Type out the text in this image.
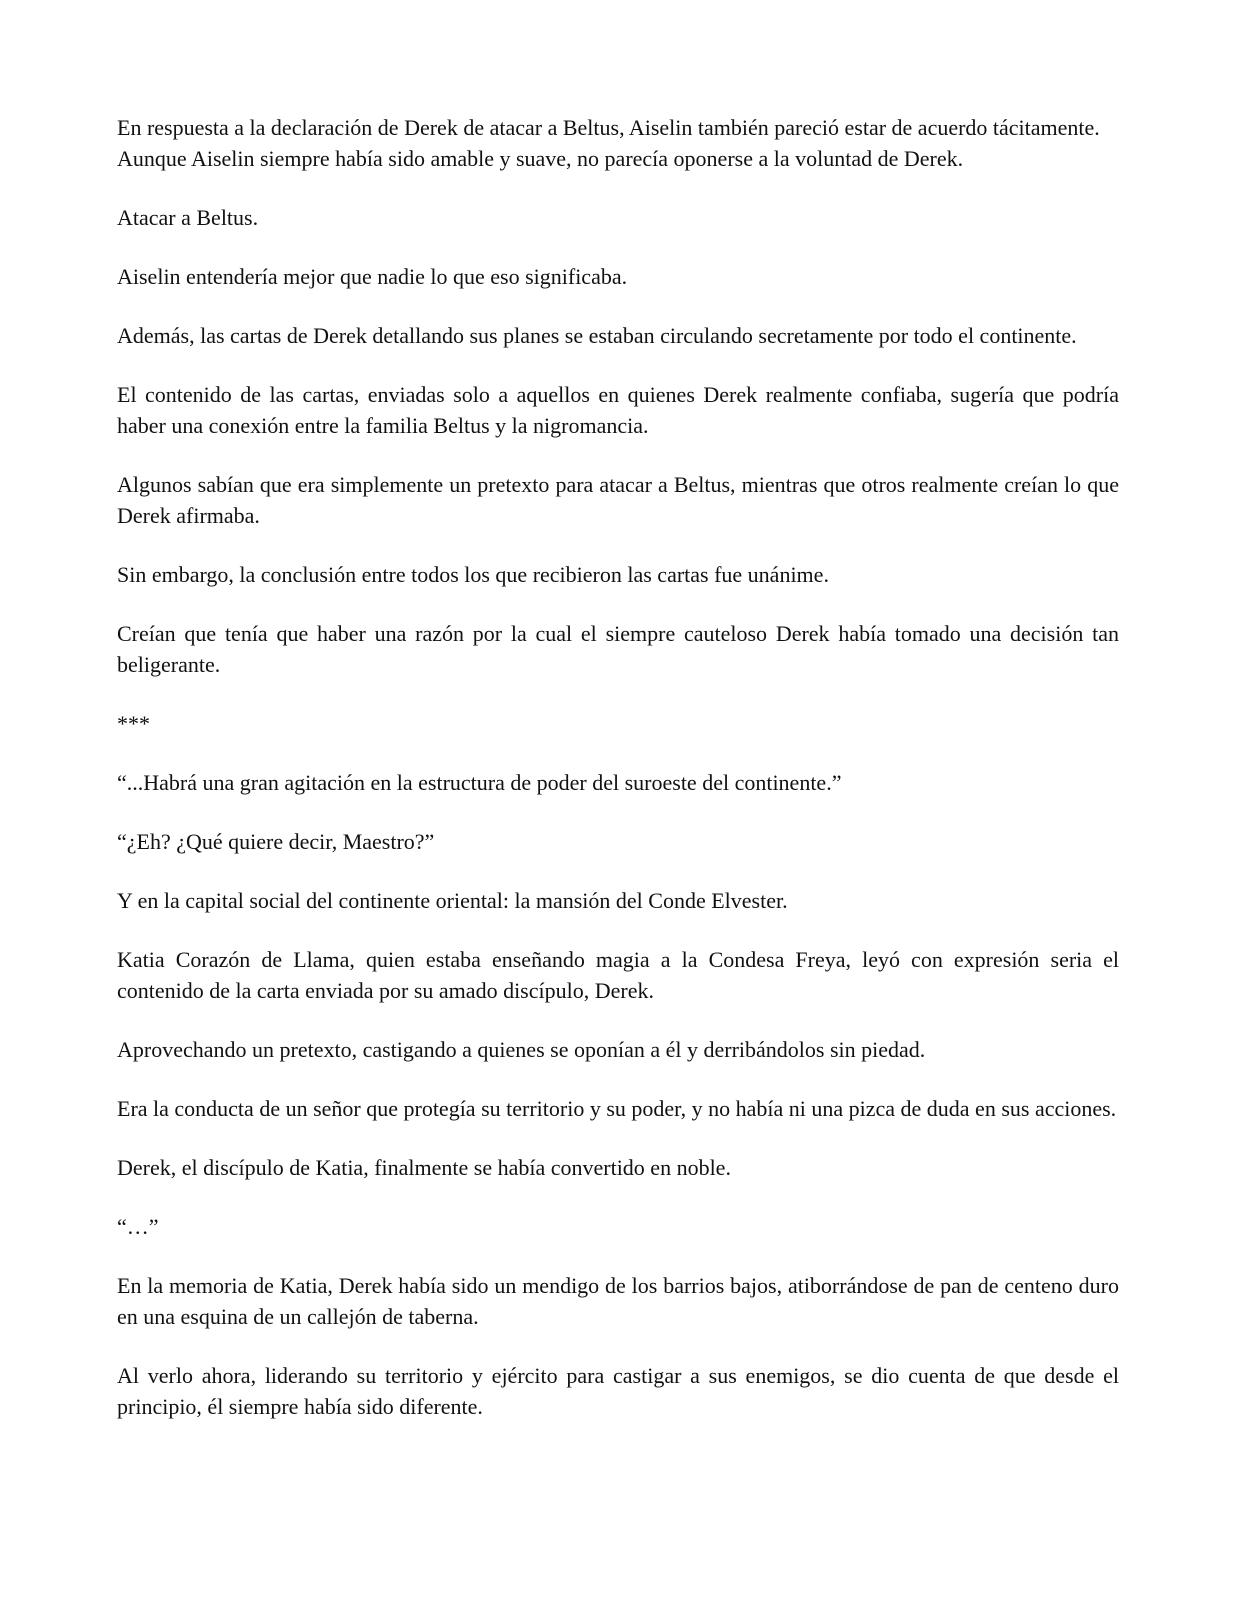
En respuesta a la declaración de Derek de atacar a Beltus, Aiselin también pareció estar de acuerdo tácitamente. Aunque Aiselin siempre había sido amable y suave, no parecía oponerse a la voluntad de Derek.

Atacar a Beltus.

Aiselin entendería mejor que nadie lo que eso significaba.

Además, las cartas de Derek detallando sus planes se estaban circulando secretamente por todo el continente.

El contenido de las cartas, enviadas solo a aquellos en quienes Derek realmente confiaba, sugería que podría haber una conexión entre la familia Beltus y la nigromancia.

Algunos sabían que era simplemente un pretexto para atacar a Beltus, mientras que otros realmente creían lo que Derek afirmaba.

Sin embargo, la conclusión entre todos los que recibieron las cartas fue unánime.

Creían que tenía que haber una razón por la cual el siempre cauteloso Derek había tomado una decisión tan beligerante.

***

“...Habrá una gran agitación en la estructura de poder del suroeste del continente.”

“¿Eh? ¿Qué quiere decir, Maestro?”

Y en la capital social del continente oriental: la mansión del Conde Elvester.

Katia Corazón de Llama, quien estaba enseñando magia a la Condesa Freya, leyó con expresión seria el contenido de la carta enviada por su amado discípulo, Derek.

Aprovechando un pretexto, castigando a quienes se oponían a él y derribándolos sin piedad.

Era la conducta de un señor que protegía su territorio y su poder, y no había ni una pizca de duda en sus acciones.

Derek, el discípulo de Katia, finalmente se había convertido en noble.

“…”

En la memoria de Katia, Derek había sido un mendigo de los barrios bajos, atiborrándose de pan de centeno duro en una esquina de un callejón de taberna.

Al verlo ahora, liderando su territorio y ejército para castigar a sus enemigos, se dio cuenta de que desde el principio, él siempre había sido diferente.
